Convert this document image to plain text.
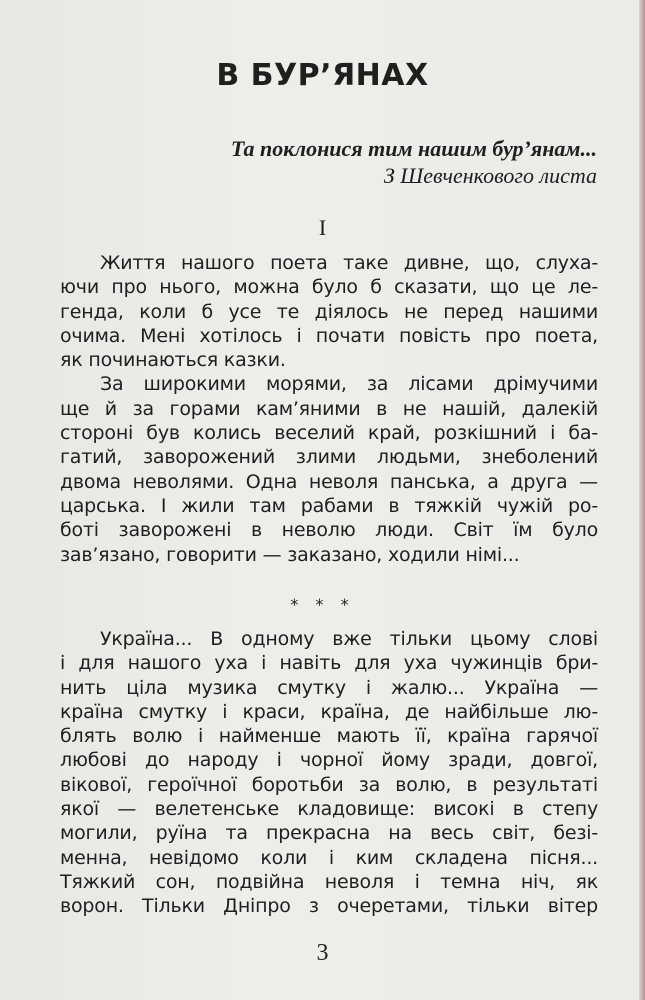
В БУР’ЯНАХ
Та поклонися тим нашим бур’янам...
З Шевченкового листа
I
Життя нашого поета таке дивне, що, слуха-
ючи про нього, можна було б сказати, що це ле-
генда, коли б усе те діялось не перед нашими
очима. Мені хотілось і почати повість про поета,
як починаються казки.
За широкими морями, за лісами дрімучими
ще й за горами кам’яними в не нашій, далекій
стороні був колись веселий край, розкішний і ба-
гатий, заворожений злими людьми, знеболений
двома неволями. Одна неволя панська, а друга —
царська. І жили там рабами в тяжкій чужій ро-
боті заворожені в неволю люди. Світ їм було
зав’язано, говорити — заказано, ходили німі...
* * *
Україна... В одному вже тільки цьому слові
і для нашого уха і навіть для уха чужинців бри-
нить ціла музика смутку і жалю... Україна —
країна смутку і краси, країна, де найбільше лю-
блять волю і найменше мають її, країна гарячої
любові до народу і чорної йому зради, довгої,
вікової, героїчної боротьби за волю, в результаті
якої — велетенське кладовище: високі в степу
могили, руїна та прекрасна на весь світ, безі-
менна, невідомо коли і ким складена пісня...
Тяжкий сон, подвійна неволя і темна ніч, як
ворон. Тільки Дніпро з очеретами, тільки вітер
3
